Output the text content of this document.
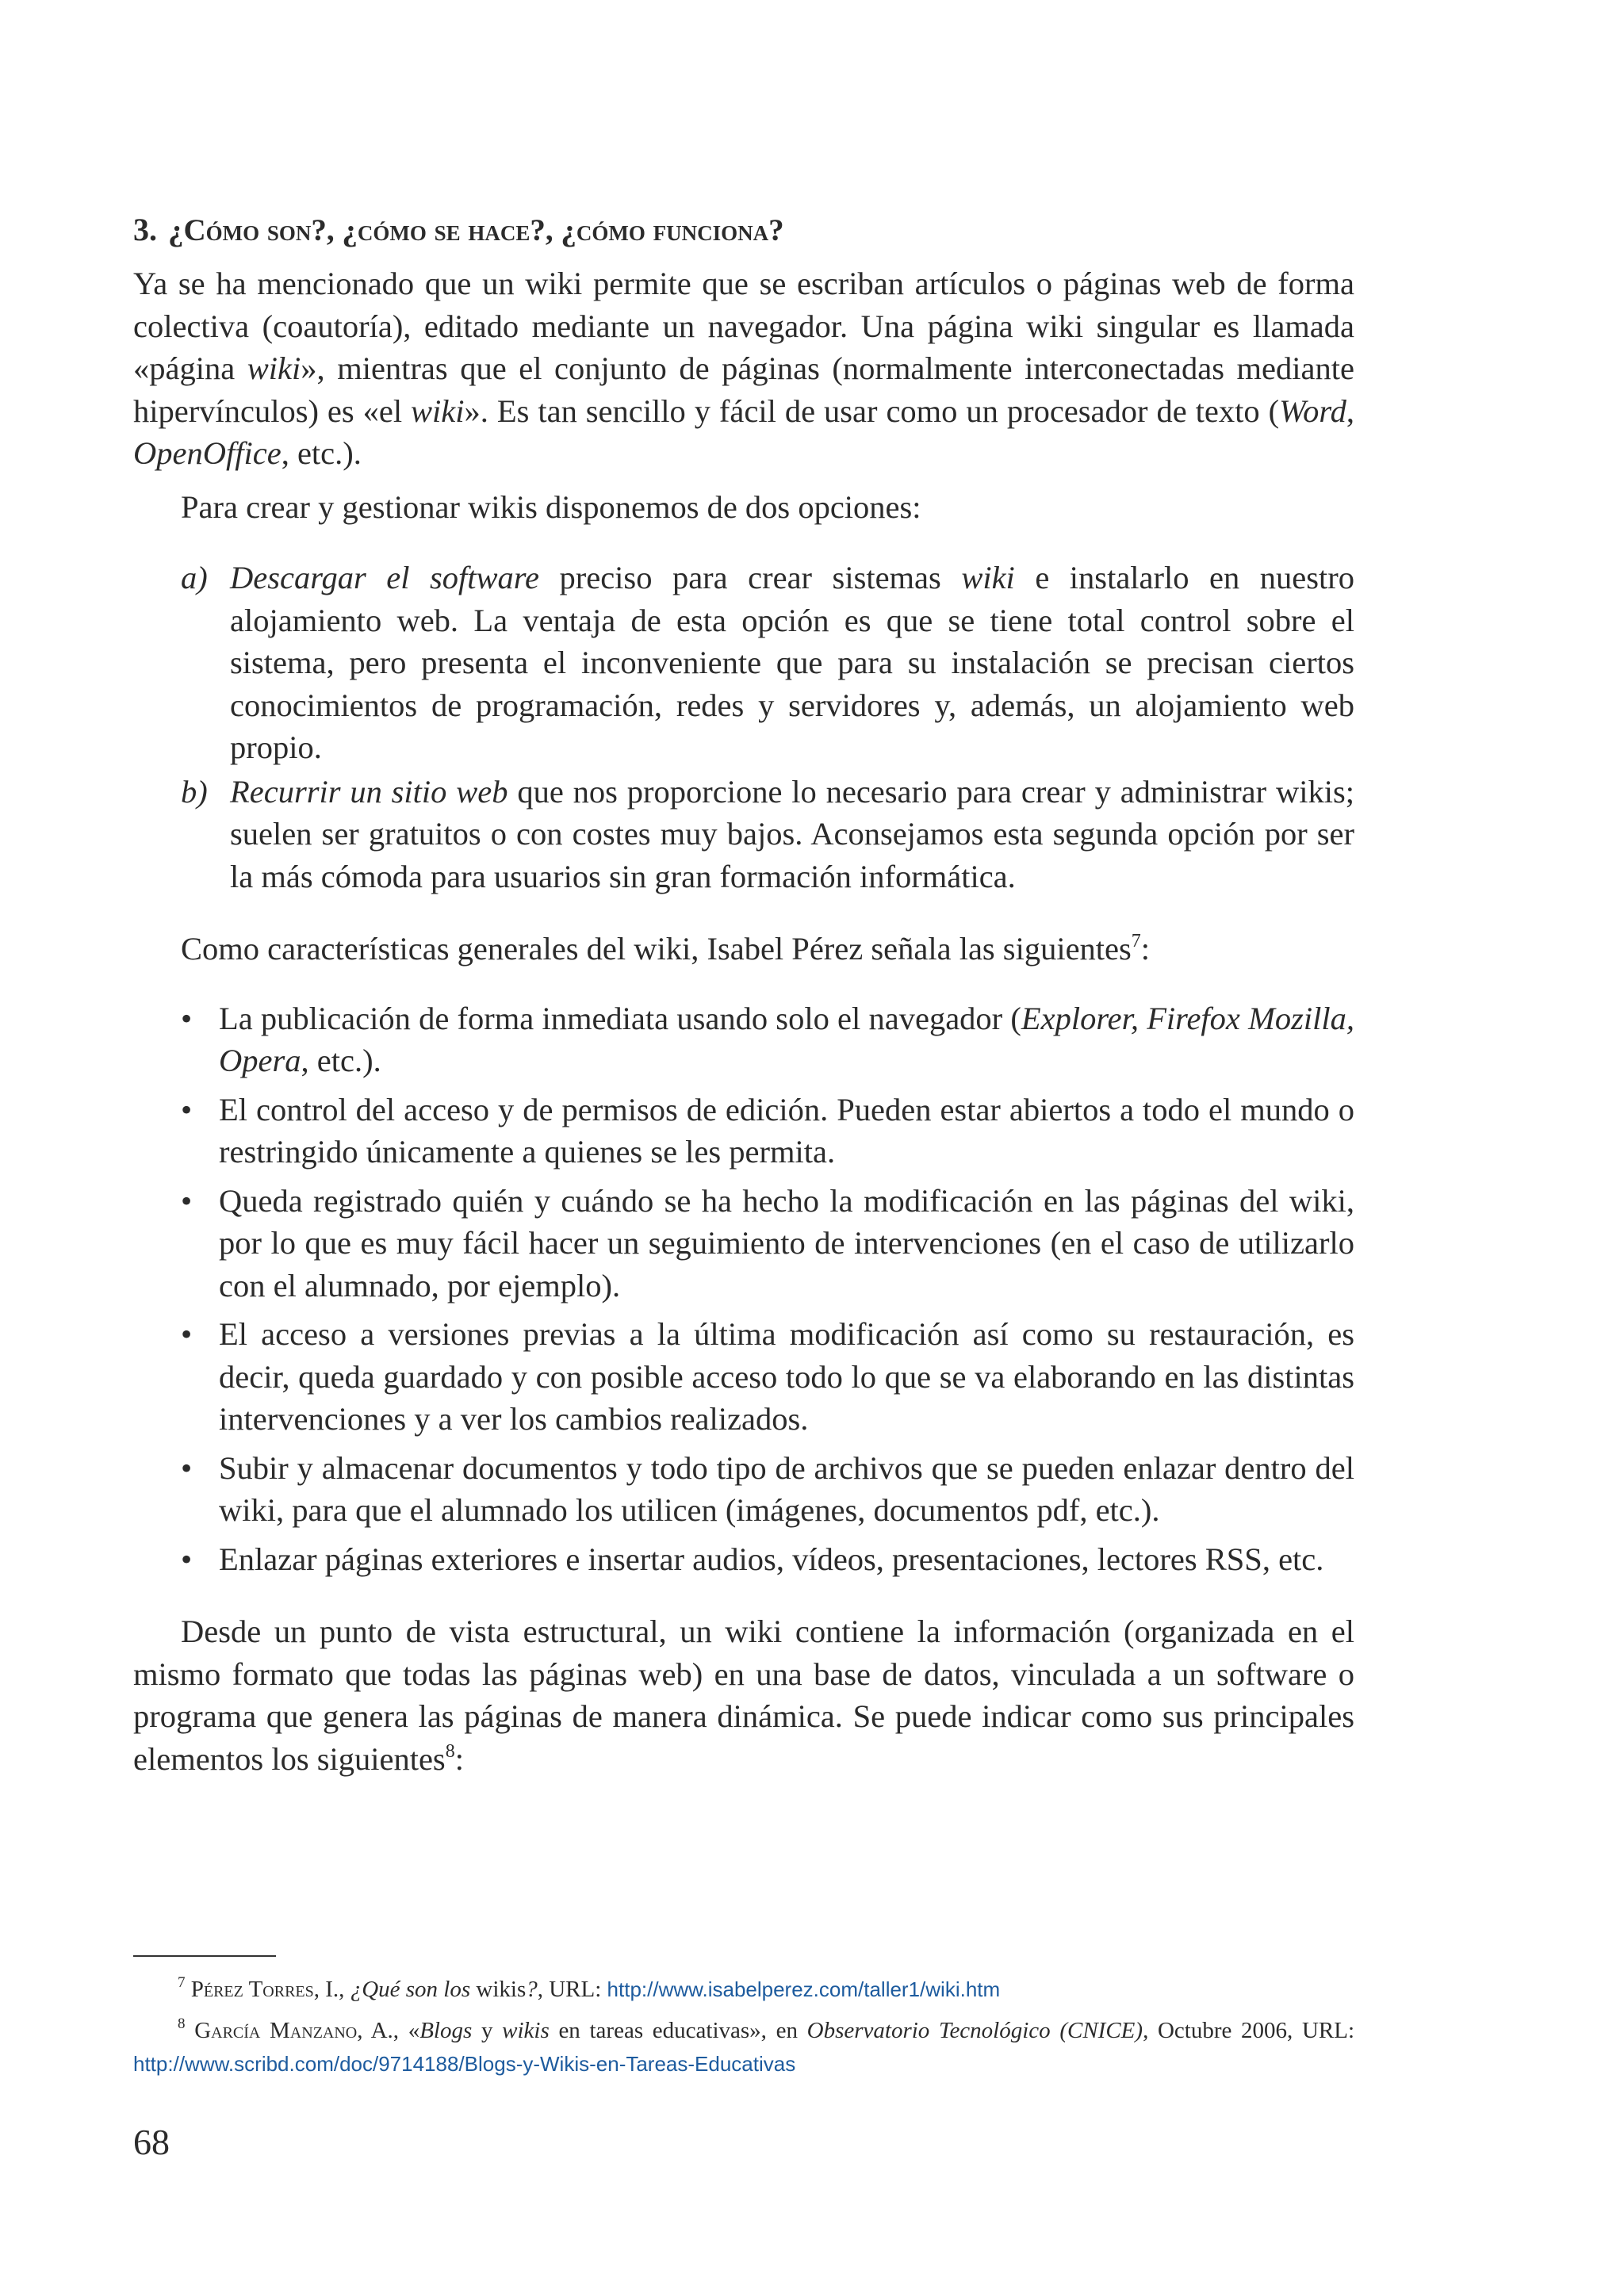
3. ¿Cómo son?, ¿cómo se hace?, ¿cómo funciona?

Ya se ha mencionado que un wiki permite que se escriban artículos o páginas web de forma colectiva (coautoría), editado mediante un navegador. Una página wiki singular es llamada «página wiki», mientras que el conjunto de páginas (normalmente interconectadas mediante hipervínculos) es «el wiki». Es tan sencillo y fácil de usar como un procesador de texto (Word, OpenOffice, etc.).

Para crear y gestionar wikis disponemos de dos opciones:

a) Descargar el software preciso para crear sistemas wiki e instalarlo en nuestro alojamiento web. La ventaja de esta opción es que se tiene total control sobre el sistema, pero presenta el inconveniente que para su instalación se precisan ciertos conocimientos de programación, redes y servidores y, además, un alojamiento web propio.
b) Recurrir un sitio web que nos proporcione lo necesario para crear y administrar wikis; suelen ser gratuitos o con costes muy bajos. Aconsejamos esta segunda opción por ser la más cómoda para usuarios sin gran formación informática.

Como características generales del wiki, Isabel Pérez señala las siguientes$^7$:

• La publicación de forma inmediata usando solo el navegador (Explorer, Firefox Mozilla, Opera, etc.).
• El control del acceso y de permisos de edición. Pueden estar abiertos a todo el mundo o restringido únicamente a quienes se les permita.
• Queda registrado quién y cuándo se ha hecho la modificación en las páginas del wiki, por lo que es muy fácil hacer un seguimiento de intervenciones (en el caso de utilizarlo con el alumnado, por ejemplo).
• El acceso a versiones previas a la última modificación así como su restauración, es decir, queda guardado y con posible acceso todo lo que se va elaborando en las distintas intervenciones y a ver los cambios realizados.
• Subir y almacenar documentos y todo tipo de archivos que se pueden enlazar dentro del wiki, para que el alumnado los utilicen (imágenes, documentos pdf, etc.).
• Enlazar páginas exteriores e insertar audios, vídeos, presentaciones, lectores RSS, etc.

Desde un punto de vista estructural, un wiki contiene la información (organizada en el mismo formato que todas las páginas web) en una base de datos, vinculada a un software o programa que genera las páginas de manera dinámica. Se puede indicar como sus principales elementos los siguientes$^8$:

$^7$ Pérez Torres, I., ¿Qué son los wikis?, URL: http://www.isabelperez.com/taller1/wiki.htm

$^8$ García Manzano, A., «Blogs y wikis en tareas educativas», en Observatorio Tecnológico (CNICE), Octubre 2006, URL: http://www.scribd.com/doc/9714188/Blogs-y-Wikis-en-Tareas-Educativas

68
